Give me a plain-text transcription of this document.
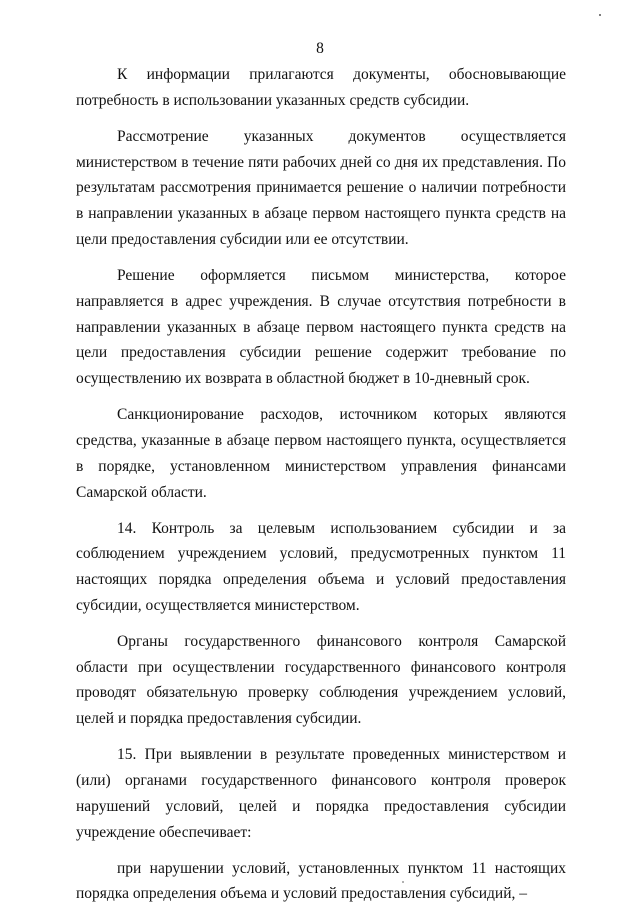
8

К информации прилагаются документы, обосновывающие потребность в использовании указанных средств субсидии.

Рассмотрение указанных документов осуществляется министерством в течение пяти рабочих дней со дня их представления. По результатам рассмотрения принимается решение о наличии потребности в направлении указанных в абзаце первом настоящего пункта средств на цели предоставления субсидии или ее отсутствии.

Решение оформляется письмом министерства, которое направляется в адрес учреждения. В случае отсутствия потребности в направлении указанных в абзаце первом настоящего пункта средств на цели предоставления субсидии решение содержит требование по осуществлению их возврата в областной бюджет в 10-дневный срок.

Санкционирование расходов, источником которых являются средства, указанные в абзаце первом настоящего пункта, осуществляется в порядке, установленном министерством управления финансами Самарской области.

14. Контроль за целевым использованием субсидии и за соблюдением учреждением условий, предусмотренных пунктом 11 настоящих порядка определения объема и условий предоставления субсидии, осуществляется министерством.

Органы государственного финансового контроля Самарской области при осуществлении государственного финансового контроля проводят обязательную проверку соблюдения учреждением условий, целей и порядка предоставления субсидии.

15. При выявлении в результате проведенных министерством и (или) органами государственного финансового контроля проверок нарушений условий, целей и порядка предоставления субсидии учреждение обеспечивает:

при нарушении условий, установленных пунктом 11 настоящих порядка определения объема и условий предоставления субсидий, –
